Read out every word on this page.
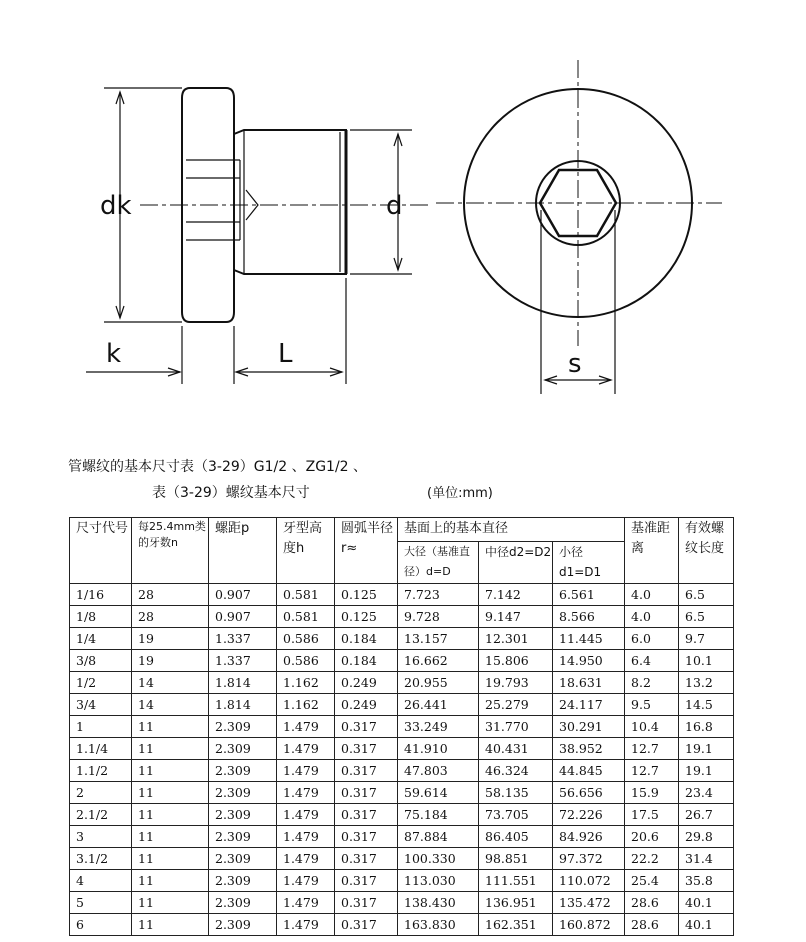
dk	d
k	L	s
管螺纹的基本尺寸表（3-29）G1/2 、ZG1/2 、
表（3-29）螺纹基本尺寸	(单位:mm)
尺寸代号	每25.4mm类的牙数n	螺距p	牙型高度h	圆弧半径r≈	基面上的基本直径			基准距离	有效螺纹长度
					大径（基准直径）d=D	中径d2=D2	小径d1=D1		
1/16	28	0.907	0.581	0.125	7.723	7.142	6.561	4.0	6.5
1/8	28	0.907	0.581	0.125	9.728	9.147	8.566	4.0	6.5
1/4	19	1.337	0.586	0.184	13.157	12.301	11.445	6.0	9.7
3/8	19	1.337	0.586	0.184	16.662	15.806	14.950	6.4	10.1
1/2	14	1.814	1.162	0.249	20.955	19.793	18.631	8.2	13.2
3/4	14	1.814	1.162	0.249	26.441	25.279	24.117	9.5	14.5
1	11	2.309	1.479	0.317	33.249	31.770	30.291	10.4	16.8
1.1/4	11	2.309	1.479	0.317	41.910	40.431	38.952	12.7	19.1
1.1/2	11	2.309	1.479	0.317	47.803	46.324	44.845	12.7	19.1
2	11	2.309	1.479	0.317	59.614	58.135	56.656	15.9	23.4
2.1/2	11	2.309	1.479	0.317	75.184	73.705	72.226	17.5	26.7
3	11	2.309	1.479	0.317	87.884	86.405	84.926	20.6	29.8
3.1/2	11	2.309	1.479	0.317	100.330	98.851	97.372	22.2	31.4
4	11	2.309	1.479	0.317	113.030	111.551	110.072	25.4	35.8
5	11	2.309	1.479	0.317	138.430	136.951	135.472	28.6	40.1
6	11	2.309	1.479	0.317	163.830	162.351	160.872	28.6	40.1
